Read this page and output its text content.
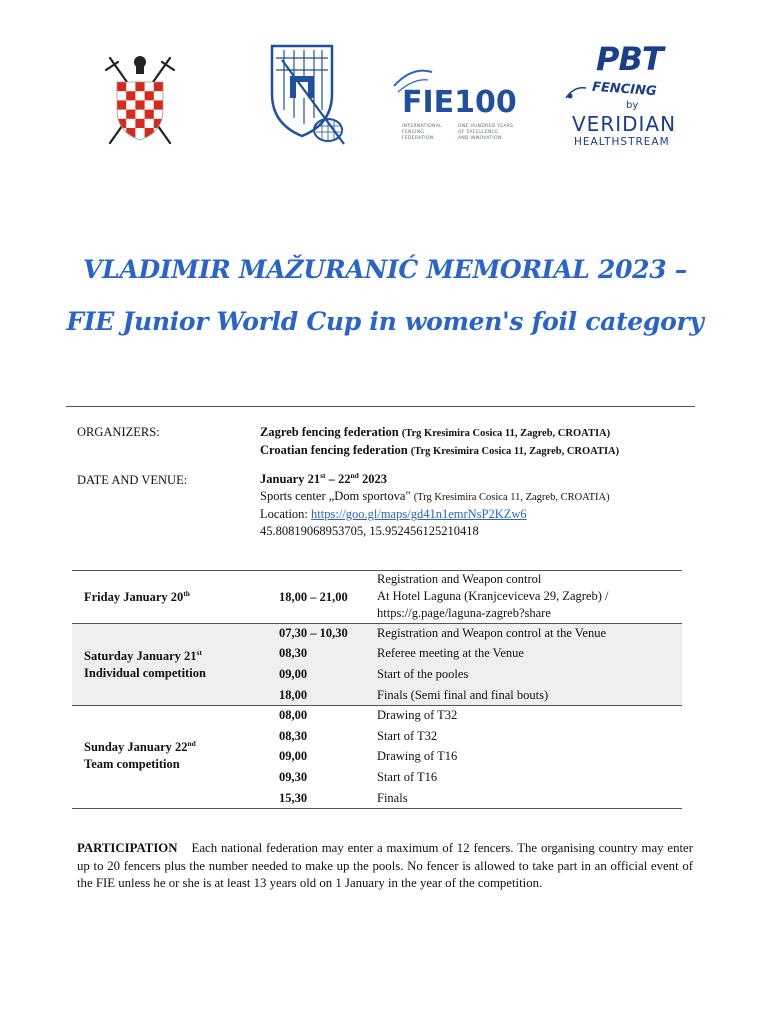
FIE100
INTERNATIONAL
FENCING
FEDERATION
ONE HUNDRED YEARS
OF EXCELLENCE
AND INNOVATION
PBT
FENCING
by
VERIDIAN
HEALTHSTREAM
VLADIMIR MAŽURANIĆ MEMORIAL 2023 –
FIE Junior World Cup in women's foil category
ORGANIZERS:	Zagreb fencing federation (Trg Kresimira Cosica 11, Zagreb, CROATIA)
Croatian fencing federation (Trg Kresimira Cosica 11, Zagreb, CROATIA)
DATE AND VENUE:	January 21st – 22nd 2023
Sports center „Dom sportova" (Trg Kresimira Cosica 11, Zagreb, CROATIA)
Location: https://goo.gl/maps/gd41n1emrNsP2KZw6
45.80819068953705, 15.952456125210418
Friday January 20th	18,00 – 21,00
Registration and Weapon control
At Hotel Laguna (Kranjceviceva 29, Zagreb) /
https://g.page/laguna-zagreb?share
Saturday January 21st
Individual competition
07,30 – 10,30 Registration and Weapon control at the Venue
08,30	Referee meeting at the Venue
09,00	Start of the pooles
18,00	Finals (Semi final and final bouts)
Sunday January 22nd
Team competition
08,00	Drawing of T32
08,30	Start of T32
09,00	Drawing of T16
09,30	Start of T16
15,30	Finals
PARTICIPATION Each national federation may enter a maximum of 12 fencers. The organising country may enter up to 20 fencers plus the number needed to make up the pools. No fencer is allowed to take part in an official event of the FIE unless he or she is at least 13 years old on 1 January in the year of the competition.
